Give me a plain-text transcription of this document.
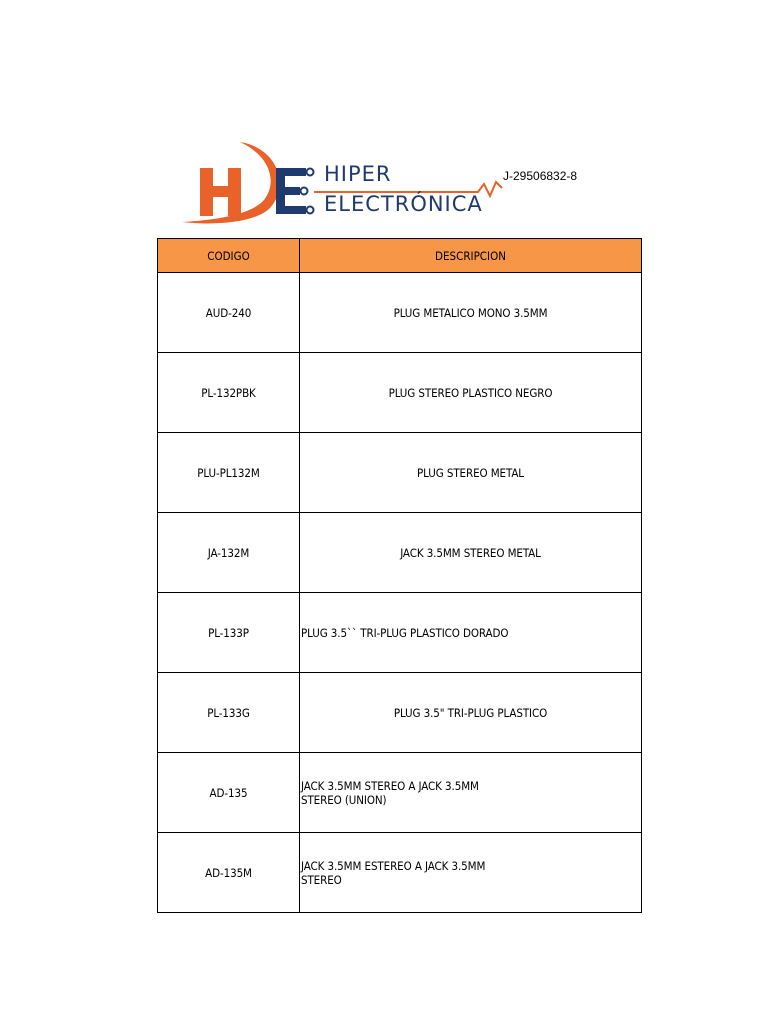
HIPER
ELECTRÓNICA
J-29506832-8
CODIGO	DESCRIPCION
AUD-240	PLUG METALICO MONO 3.5MM
PL-132PBK	PLUG STEREO PLASTICO NEGRO
PLU-PL132M	PLUG STEREO METAL
JA-132M	JACK 3.5MM STEREO METAL
PL-133P	PLUG 3.5`` TRI-PLUG PLASTICO DORADO
PL-133G	PLUG 3.5" TRI-PLUG PLASTICO
AD-135	JACK 3.5MM STEREO A JACK 3.5MM STEREO (UNION)
AD-135M	JACK 3.5MM ESTEREO A JACK 3.5MM STEREO
